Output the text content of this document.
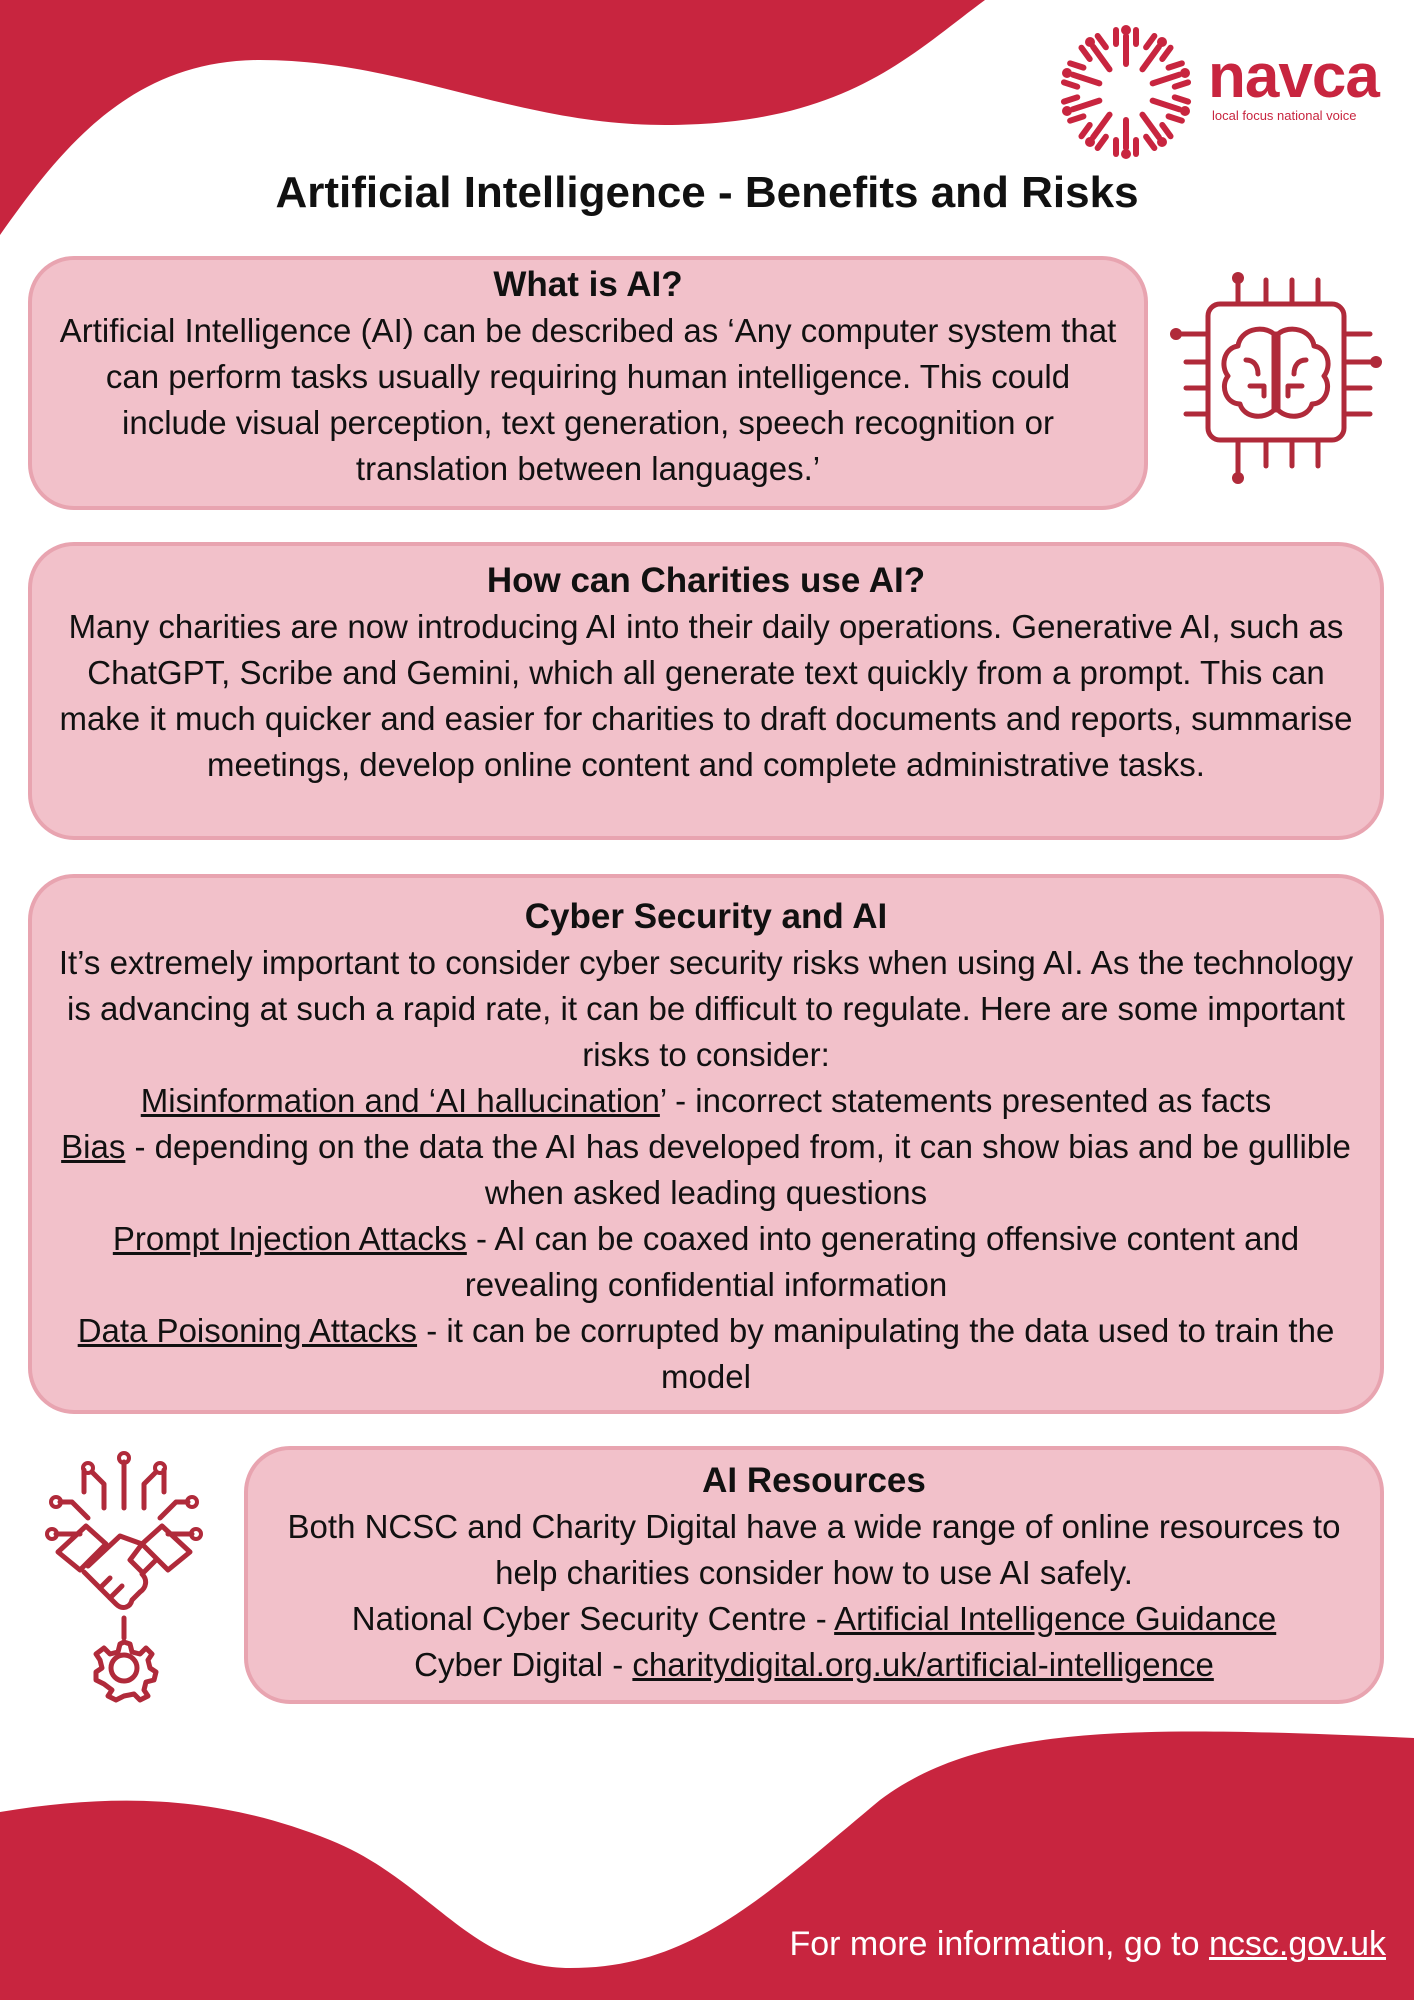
navca
local focus national voice
Artificial Intelligence - Benefits and Risks
What is AI?

Artificial Intelligence (AI) can be described as ‘Any computer system that can perform tasks usually requiring human intelligence. This could include visual perception, text generation, speech recognition or translation between languages.’

How can Charities use AI?

Many charities are now introducing AI into their daily operations. Generative AI, such as ChatGPT, Scribe and Gemini, which all generate text quickly from a prompt. This can make it much quicker and easier for charities to draft documents and reports, summarise meetings, develop online content and complete administrative tasks.

Cyber Security and AI

It’s extremely important to consider cyber security risks when using AI. As the technology is advancing at such a rapid rate, it can be difficult to regulate. Here are some important risks to consider:

Misinformation and ‘AI hallucination’ - incorrect statements presented as facts

Bias - depending on the data the AI has developed from, it can show bias and be gullible when asked leading questions

Prompt Injection Attacks - AI can be coaxed into generating offensive content and revealing confidential information

Data Poisoning Attacks - it can be corrupted by manipulating the data used to train the model

AI Resources

Both NCSC and Charity Digital have a wide range of online resources to help charities consider how to use AI safely.

National Cyber Security Centre - Artificial Intelligence Guidance

Cyber Digital - charitydigital.org.uk/artificial-intelligence

For more information, go to ncsc.gov.uk
